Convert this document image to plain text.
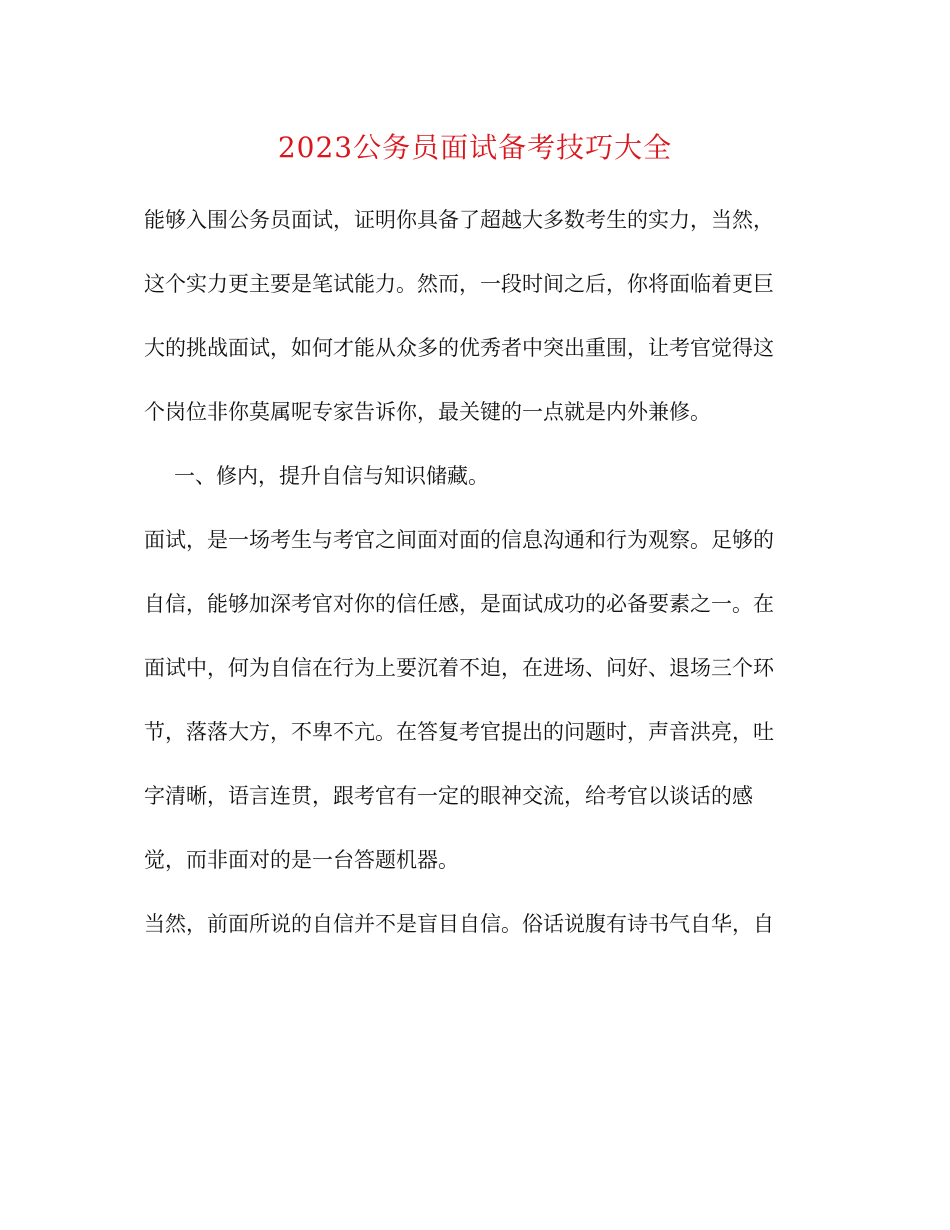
2023公务员面试备考技巧大全
能够入围公务员面试，证明你具备了超越大多数考生的实力，当然，
这个实力更主要是笔试能力。然而，一段时间之后，你将面临着更巨
大的挑战面试，如何才能从众多的优秀者中突出重围，让考官觉得这
个岗位非你莫属呢专家告诉你，最关键的一点就是内外兼修。
一、修内，提升自信与知识储藏。
面试，是一场考生与考官之间面对面的信息沟通和行为观察。足够的
自信，能够加深考官对你的信任感，是面试成功的必备要素之一。在
面试中，何为自信在行为上要沉着不迫，在进场、问好、退场三个环
节，落落大方，不卑不亢。在答复考官提出的问题时，声音洪亮，吐
字清晰，语言连贯，跟考官有一定的眼神交流，给考官以谈话的感
觉，而非面对的是一台答题机器。
当然，前面所说的自信并不是盲目自信。俗话说腹有诗书气自华，自
